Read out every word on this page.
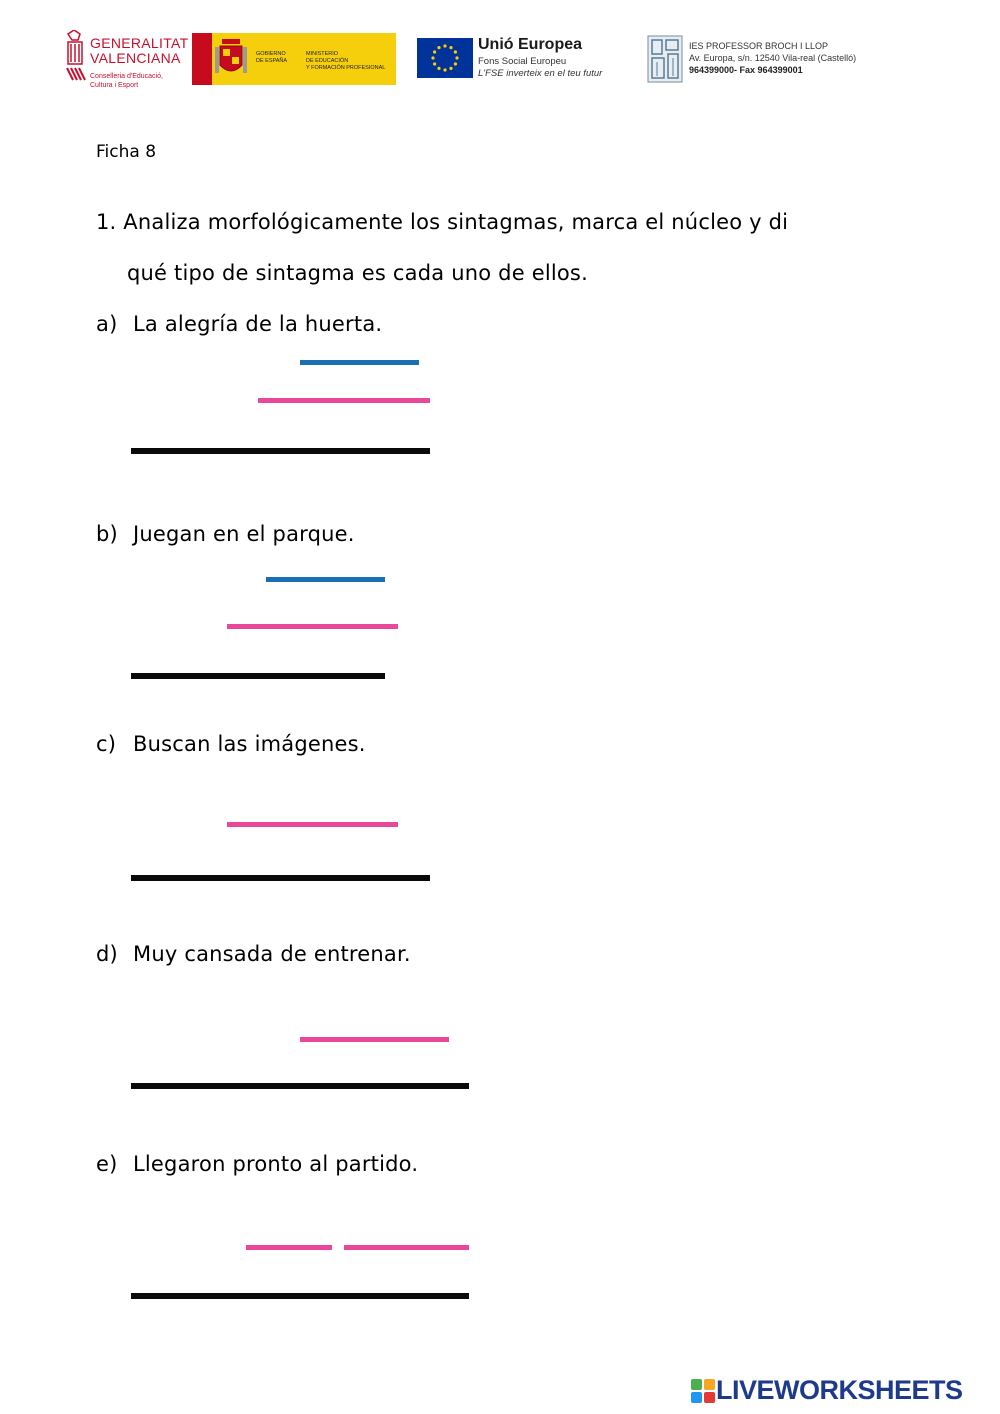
GENERALITAT
VALENCIANA
Conselleria d'Educació,
Cultura i Esport
GOBIERNO
DE ESPAÑA
MINISTERIO
DE EDUCACIÓN
Y FORMACIÓN PROFESIONAL
Unió Europea
Fons Social Europeu
L'FSE inverteix en el teu futur
IES PROFESSOR BROCH I LLOP
Av. Europa, s/n. 12540 Vila-real (Castelló)
964399000- Fax 964399001
Ficha 8
1. Analiza morfológicamente los sintagmas, marca el núcleo y di
qué tipo de sintagma es cada uno de ellos.
a) La alegría de la huerta.
b) Juegan en el parque.
c) Buscan las imágenes.
d) Muy cansada de entrenar.
e) Llegaron pronto al partido.
LIVEWORKSHEETS
